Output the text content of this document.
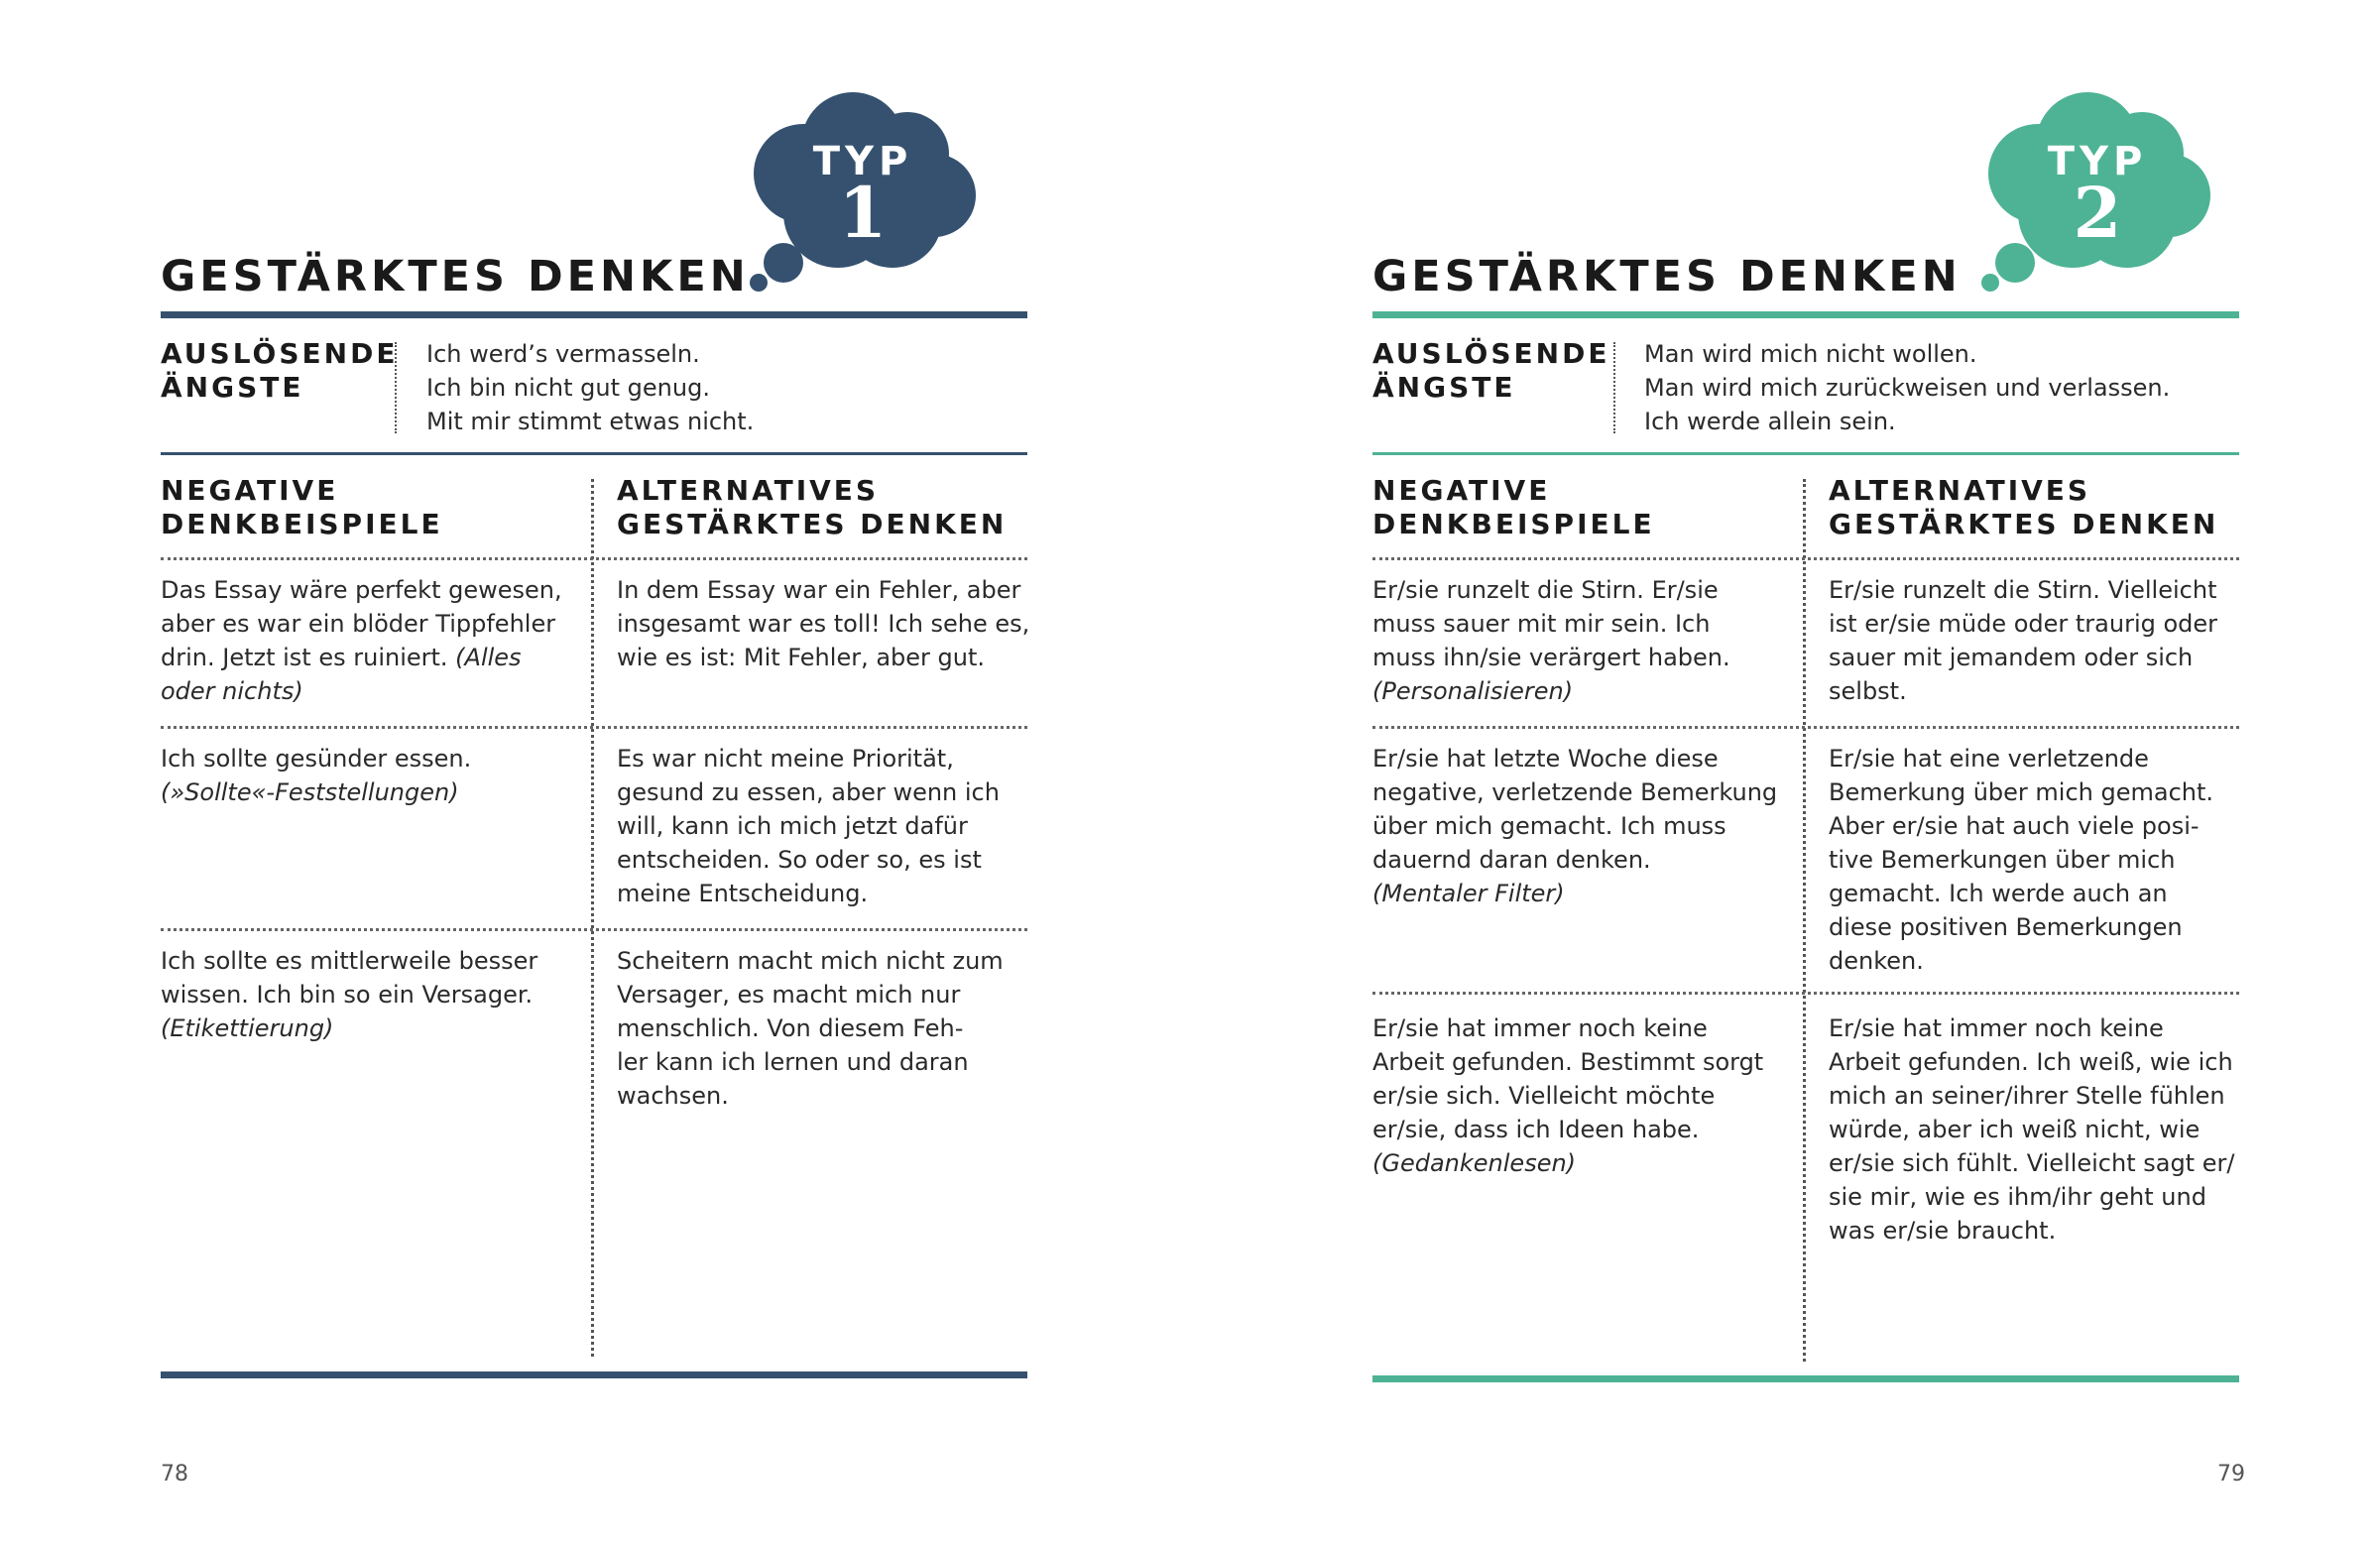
TYP
1
GESTÄRKTES DENKEN
AUSLÖSENDE
ÄNGSTE
Ich werd’s vermasseln.
Ich bin nicht gut genug.
Mit mir stimmt etwas nicht.
NEGATIVE
DENKBEISPIELE
ALTERNATIVES
GESTÄRKTES DENKEN
Das Essay wäre perfekt gewesen,
aber es war ein blöder Tippfehler
drin. Jetzt ist es ruiniert. (Alles
oder nichts)
In dem Essay war ein Fehler, aber
insgesamt war es toll! Ich sehe es,
wie es ist: Mit Fehler, aber gut.
Ich sollte gesünder essen.
(»Sollte«-Feststellungen)
Es war nicht meine Priorität,
gesund zu essen, aber wenn ich
will, kann ich mich jetzt dafür
entscheiden. So oder so, es ist
meine Entscheidung.
Ich sollte es mittlerweile besser
wissen. Ich bin so ein Versager.
(Etikettierung)
Scheitern macht mich nicht zum
Versager, es macht mich nur
menschlich. Von diesem Feh-
ler kann ich lernen und daran
wachsen.
78
TYP
2
GESTÄRKTES DENKEN
AUSLÖSENDE
ÄNGSTE
Man wird mich nicht wollen.
Man wird mich zurückweisen und verlassen.
Ich werde allein sein.
NEGATIVE
DENKBEISPIELE
ALTERNATIVES
GESTÄRKTES DENKEN
Er/sie runzelt die Stirn. Er/sie
muss sauer mit mir sein. Ich
muss ihn/sie verärgert haben.
(Personalisieren)
Er/sie runzelt die Stirn. Vielleicht
ist er/sie müde oder traurig oder
sauer mit jemandem oder sich
selbst.
Er/sie hat letzte Woche diese
negative, verletzende Bemerkung
über mich gemacht. Ich muss
dauernd daran denken.
(Mentaler Filter)
Er/sie hat eine verletzende
Bemerkung über mich gemacht.
Aber er/sie hat auch viele posi-
tive Bemerkungen über mich
gemacht. Ich werde auch an
diese positiven Bemerkungen
denken.
Er/sie hat immer noch keine
Arbeit gefunden. Bestimmt sorgt
er/sie sich. Vielleicht möchte
er/sie, dass ich Ideen habe.
(Gedankenlesen)
Er/sie hat immer noch keine
Arbeit gefunden. Ich weiß, wie ich
mich an seiner/ihrer Stelle fühlen
würde, aber ich weiß nicht, wie
er/sie sich fühlt. Vielleicht sagt er/
sie mir, wie es ihm/ihr geht und
was er/sie braucht.
79
